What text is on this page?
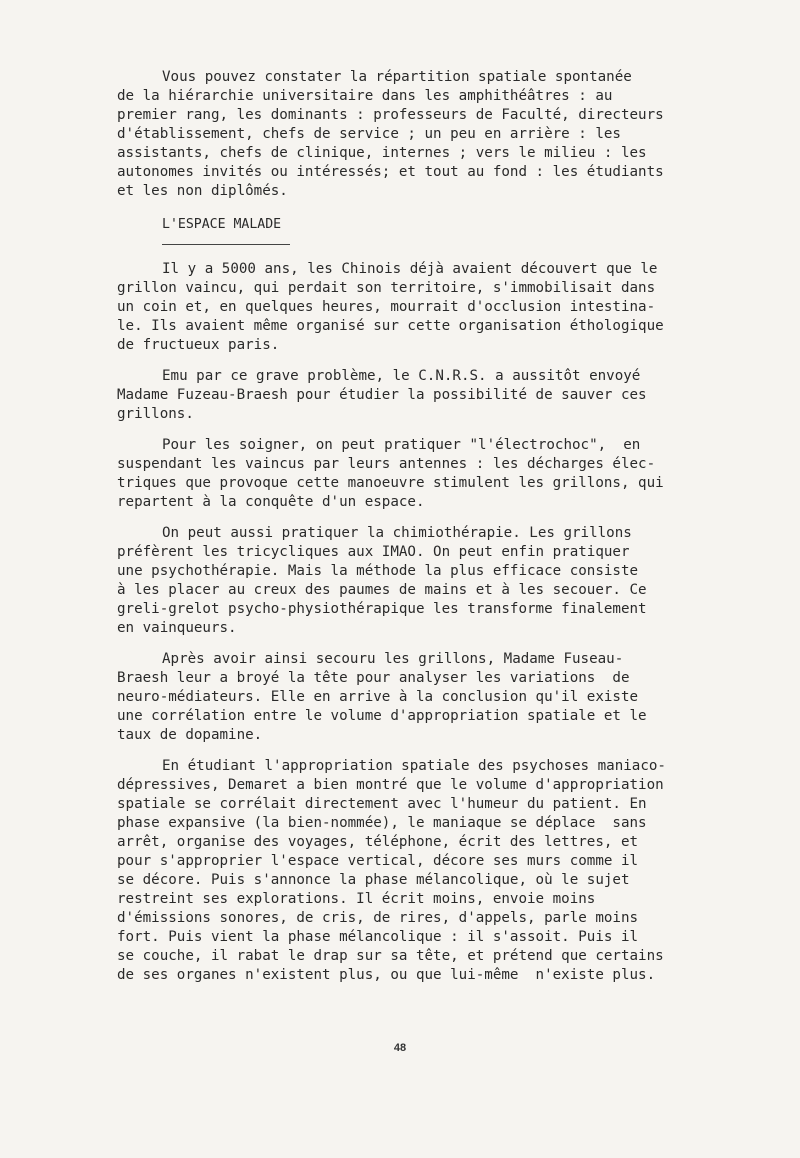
Vous pouvez constater la répartition spatiale spontanée
de la hiérarchie universitaire dans les amphithéâtres : au
premier rang, les dominants : professeurs de Faculté, directeurs
d'établissement, chefs de service ; un peu en arrière : les
assistants, chefs de clinique, internes ; vers le milieu : les
autonomes invités ou intéressés; et tout au fond : les étudiants
et les non diplômés.
L'ESPACE MALADE
Il y a 5000 ans, les Chinois déjà avaient découvert que le
grillon vaincu, qui perdait son territoire, s'immobilisait dans
un coin et, en quelques heures, mourrait d'occlusion intestina-
le. Ils avaient même organisé sur cette organisation éthologique
de fructueux paris.
Emu par ce grave problème, le C.N.R.S. a aussitôt envoyé
Madame Fuzeau-Braesh pour étudier la possibilité de sauver ces
grillons.
Pour les soigner, on peut pratiquer "l'électrochoc",  en
suspendant les vaincus par leurs antennes : les décharges élec-
triques que provoque cette manoeuvre stimulent les grillons, qui
repartent à la conquête d'un espace.
On peut aussi pratiquer la chimiothérapie. Les grillons
préfèrent les tricycliques aux IMAO. On peut enfin pratiquer
une psychothérapie. Mais la méthode la plus efficace consiste
à les placer au creux des paumes de mains et à les secouer. Ce
greli-grelot psycho-physiothérapique les transforme finalement
en vainqueurs.
Après avoir ainsi secouru les grillons, Madame Fuseau-
Braesh leur a broyé la tête pour analyser les variations  de
neuro-médiateurs. Elle en arrive à la conclusion qu'il existe
une corrélation entre le volume d'appropriation spatiale et le
taux de dopamine.
En étudiant l'appropriation spatiale des psychoses maniaco-
dépressives, Demaret a bien montré que le volume d'appropriation
spatiale se corrélait directement avec l'humeur du patient. En
phase expansive (la bien-nommée), le maniaque se déplace  sans
arrêt, organise des voyages, téléphone, écrit des lettres, et
pour s'approprier l'espace vertical, décore ses murs comme il
se décore. Puis s'annonce la phase mélancolique, où le sujet
restreint ses explorations. Il écrit moins, envoie moins
d'émissions sonores, de cris, de rires, d'appels, parle moins
fort. Puis vient la phase mélancolique : il s'assoit. Puis il
se couche, il rabat le drap sur sa tête, et prétend que certains
de ses organes n'existent plus, ou que lui-même  n'existe plus.
48
